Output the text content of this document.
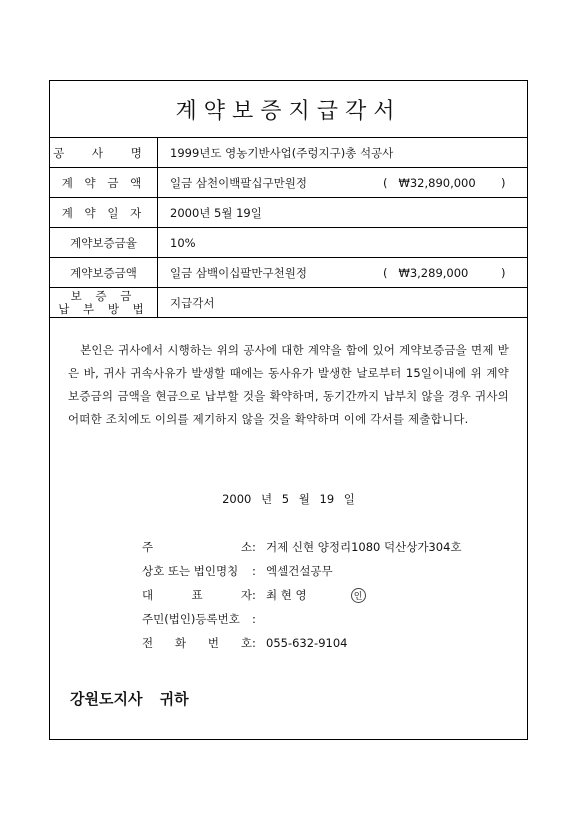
계약보증지급각서
공 사 명	1999년도 영농기반사업(주렁지구)총 석공사
계 약 금 액	일금 삼천이백팔십구만원정 ( ₩32,890,000 )

계 약 일 자	2000년 5월 19일
계약보증금율	10%
계약보증금액	일금 삼백이십팔만구천원정 ( ₩3,289,000 )

보 증 금
납 부 방 법	지급각서
본인은 귀사에서 시행하는 위의 공사에 대한 계약을 함에 있어 계약보증금을 면제 받은 바, 귀사 귀속사유가 발생할 때에는 동사유가 발생한 날로부터 15일이내에 위 계약보증금의 금액을 현금으로 납부할 것을 확약하며, 동기간까지 납부치 않을 경우 귀사의 어떠한 조치에도 이의를 제기하지 않을 것을 확약하며 이에 각서를 제출합니다.
2000 년 5 월 19 일
주	소 : 거제 신현 양정리1080 덕산상가304호
상호 또는 법인명칭 : 엑셀건설공무
대	표	자 : 최 현 영	인
주민(법인)등록번호 :
전 화 번 호 : 055-632-9104
강원도지사 귀하
